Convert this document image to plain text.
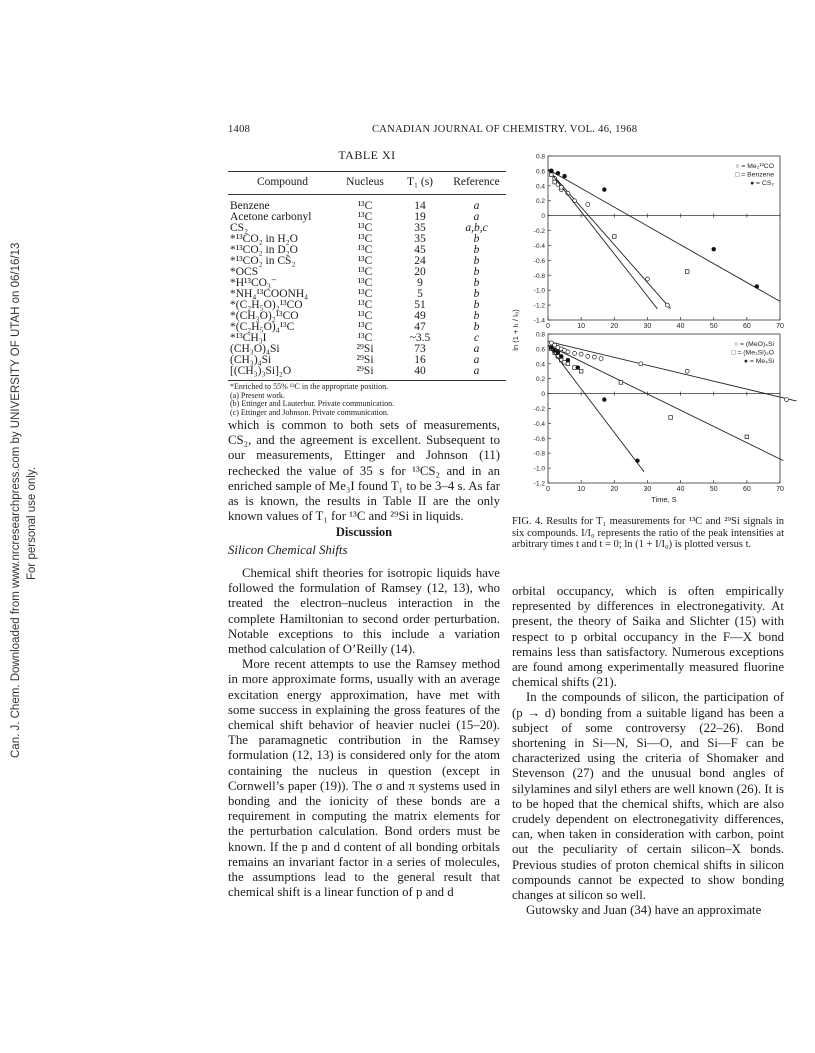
Can. J. Chem. Downloaded from www.nrcresearchpress.com by UNIVERSITY OF UTAH on 06/16/13 For personal use only.
1408	CANADIAN JOURNAL OF CHEMISTRY. VOL. 46, 1968
TABLE XI
Compound	Nucleus	T₁ (s)	Reference
Benzene	¹³C	14	a
Acetone carbonyl	¹³C	19	a
CS₂	¹³C	35	a,b,c
*¹³CO₂ in H₂O	¹³C	35	b
*¹³CO₂ in D₂O	¹³C	45	b
*¹³CO₂ in CS₂	¹³C	24	b
*OCS	¹³C	20	b
*H¹³CO₃⁻	¹³C	9	b
*NH₄¹³COONH₄	¹³C	5	b
*(C₂H₅O)₂¹³CO	¹³C	51	b
*(CH₃O)₂¹³CO	¹³C	49	b
*(C₂H₅O)₄¹³C	¹³C	47	b
*¹³CH₃I	¹³C	~3.5	c
(CH₃O)₄Si	²⁹Si	73	a
(CH₃)₄Si	²⁹Si	16	a
[(CH₃)₃Si]₂O	²⁹Si	40	a
*Enriched to 55% ¹³C in the appropriate position.
(a) Present work.
(b) Ettinger and Lauterbur. Private communication.
(c) Ettinger and Johnson. Private communication.

which is common to both sets of measurements, CS₂, and the agreement is excellent. Subsequent to our measurements, Ettinger and Johnson (11) rechecked the value of 35 s for ¹³CS₂ and in an enriched sample of Me₃I found T₁ to be 3–4 s. As far as is known, the results in Table II are the only known values of T₁ for ¹³C and ²⁹Si in liquids.

Discussion

Silicon Chemical Shifts

Chemical shift theories for isotropic liquids have followed the formulation of Ramsey (12, 13), who treated the electron–nucleus interaction in the complete Hamiltonian to second order perturbation. Notable exceptions to this include a variation method calculation of O’Reilly (14).

More recent attempts to use the Ramsey method in more approximate forms, usually with an average excitation energy approximation, have met with some success in explaining the gross features of the chemical shift behavior of heavier nuclei (15–20). The paramagnetic contribution in the Ramsey formulation (12, 13) is considered only for the atom containing the nucleus in question (except in Cornwell’s paper (19)). The σ and π systems used in bonding and the ionicity of these bonds are a requirement in computing the matrix elements for the perturbation calculation. Bond orders must be known. If the p and d content of all bonding orbitals remains an invariant factor in a series of molecules, the assumptions lead to the general result that chemical shift is a linear function of p and d

orbital occupancy, which is often empirically represented by differences in electronegativity. At present, the theory of Saika and Slichter (15) with respect to p orbital occupancy in the F—X bond remains less than satisfactory. Numerous exceptions are found among experimentally measured fluorine chemical shifts (21).

In the compounds of silicon, the participation of (p → d) bonding from a suitable ligand has been a subject of some controversy (22–26). Bond shortening in Si—N, Si—O, and Si—F can be characterized using the criteria of Shomaker and Stevenson (27) and the unusual bond angles of silylamines and silyl ethers are well known (26). It is to be hoped that the chemical shifts, which are also crudely dependent on electronegativity differences, can, when taken in consideration with carbon, point out the peculiarity of certain silicon–X bonds. Previous studies of proton chemical shifts in silicon compounds cannot be expected to show bonding changes at silicon so well.

Gutowsky and Juan (34) have an approximate

0.8
0.6
0.4
0.2
0
-0.2
-0.4
-0.6
-0.8
-1.0
-1.2
-1.4
0	10	20	30	40	50	60	70
○ = Me₂¹³CO
□ = Benzene
● = CS₂
ln (1 + Iₜ / I₀) 0.8
0.6
0.4
0.2
0
-0.2
-0.4
-0.6
-0.8
-1.0
-1.2
0	10	20	30	40	50	60	70
○ = (MeO)₄Si
□ = (Me₃Si)₂O
● = Me₄Si
Time, S
FIG. 4. Results for T₁ measurements for ¹³C and ²⁹Si signals in six compounds. I/I₀ represents the ratio of the peak intensities at arbitrary times t and t = 0; ln (1 + I/I₀) is plotted versus t.
